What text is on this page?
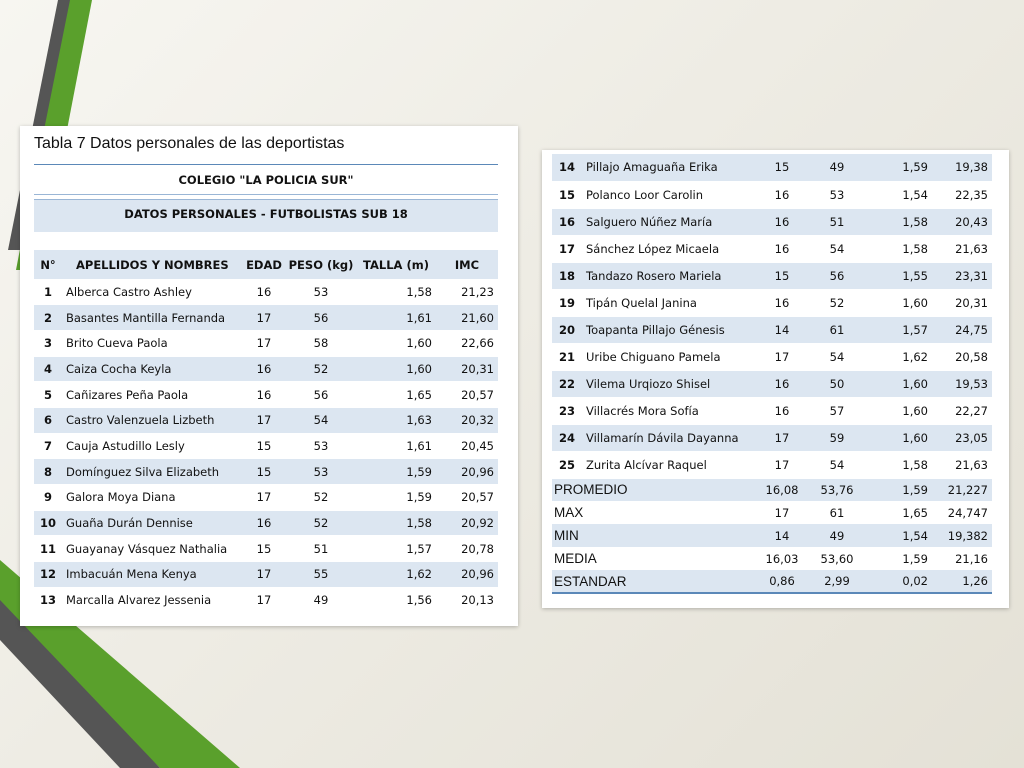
Tabla 7 Datos personales de las deportistas
COLEGIO "LA POLICIA SUR"
DATOS PERSONALES - FUTBOLISTAS SUB 18
N°	APELLIDOS Y NOMBRES	EDAD	PESO (kg)	TALLA (m)	IMC
1	Alberca Castro Ashley	16	53	1,58	21,23
2	Basantes Mantilla Fernanda	17	56	1,61	21,60
3	Brito Cueva Paola	17	58	1,60	22,66
4	Caiza Cocha Keyla	16	52	1,60	20,31
5	Cañizares Peña Paola	16	56	1,65	20,57
6	Castro Valenzuela Lizbeth	17	54	1,63	20,32
7	Cauja Astudillo Lesly	15	53	1,61	20,45
8	Domínguez Silva Elizabeth	15	53	1,59	20,96
9	Galora Moya Diana	17	52	1,59	20,57
10	Guaña Durán Dennise	16	52	1,58	20,92
11	Guayanay Vásquez Nathalia	15	51	1,57	20,78
12	Imbacuán Mena Kenya	17	55	1,62	20,96
13	Marcalla Alvarez Jessenia	17	49	1,56	20,13
14	Pillajo Amaguaña Erika	15	49	1,59	19,38
15	Polanco Loor Carolin	16	53	1,54	22,35
16	Salguero Núñez María	16	51	1,58	20,43
17	Sánchez López Micaela	16	54	1,58	21,63
18	Tandazo Rosero Mariela	15	56	1,55	23,31
19	Tipán Quelal Janina	16	52	1,60	20,31
20	Toapanta Pillajo Génesis	14	61	1,57	24,75
21	Uribe Chiguano Pamela	17	54	1,62	20,58
22	Vilema Urqiozo Shisel	16	50	1,60	19,53
23	Villacrés Mora Sofía	16	57	1,60	22,27
24	Villamarín Dávila Dayanna	17	59	1,60	23,05
25	Zurita Alcívar Raquel	17	54	1,58	21,63
PROMEDIO		16,08	53,76	1,59	21,227
MAX		17	61	1,65	24,747
MIN		14	49	1,54	19,382
MEDIA		16,03	53,60	1,59	21,16
ESTANDAR		0,86	2,99	0,02	1,26
